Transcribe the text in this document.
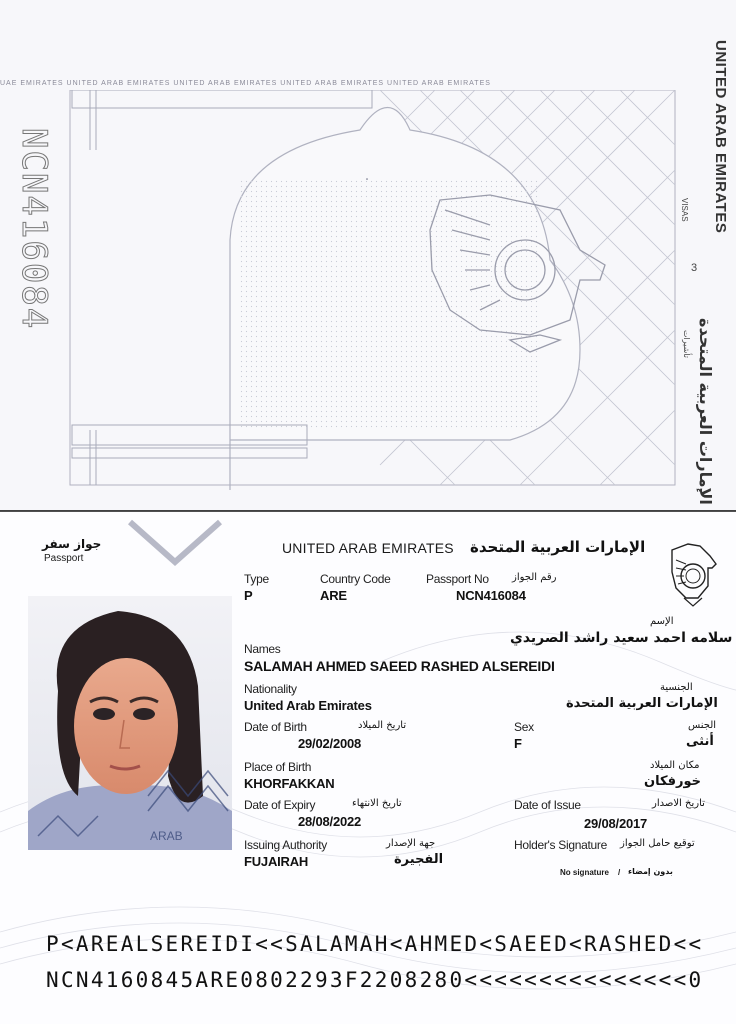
UAE EMIRATES UNITED ARAB EMIRATES UNITED ARAB EMIRATES UNITED ARAB EMIRATES UNITED ARAB EMIRATES
.
NCN416084	UNITED ARAB EMIRATES
VISAS
3
الإمارات العربية المتحدة
تأشيرات
جواز سفر
Passport
UNITED ARAB EMIRATES الإمارات العربية المتحدة
Type
P
Country Code
ARE
Passport No رقم الجواز
NCN416084
ARAB
الإسم
سلامه احمد سعيد راشد الصريدي
Names
SALAMAH AHMED SAEED RASHED ALSEREIDI
Nationality
United Arab Emirates
الجنسية
الإمارات العربية المتحدة
Date of Birth	تاريخ الميلاد
29/02/2008
Sex	الجنس
F	أنثى
Place of Birth
KHORFAKKAN
مكان الميلاد
خورفكان
Date of Expiry	تاريخ الانتهاء
28/08/2022
Date of Issue	تاريخ الاصدار
29/08/2017
Issuing Authority	جهة الإصدار
FUJAIRAH	الفجيرة
Holder's Signature توقيع حامل الجواز
No signature / بدون إمضاء
P<AREALSEREIDI<<SALAMAH<AHMED<SAEED<RASHED<<
NCN4160845ARE0802293F2208280<<<<<<<<<<<<<<<0
